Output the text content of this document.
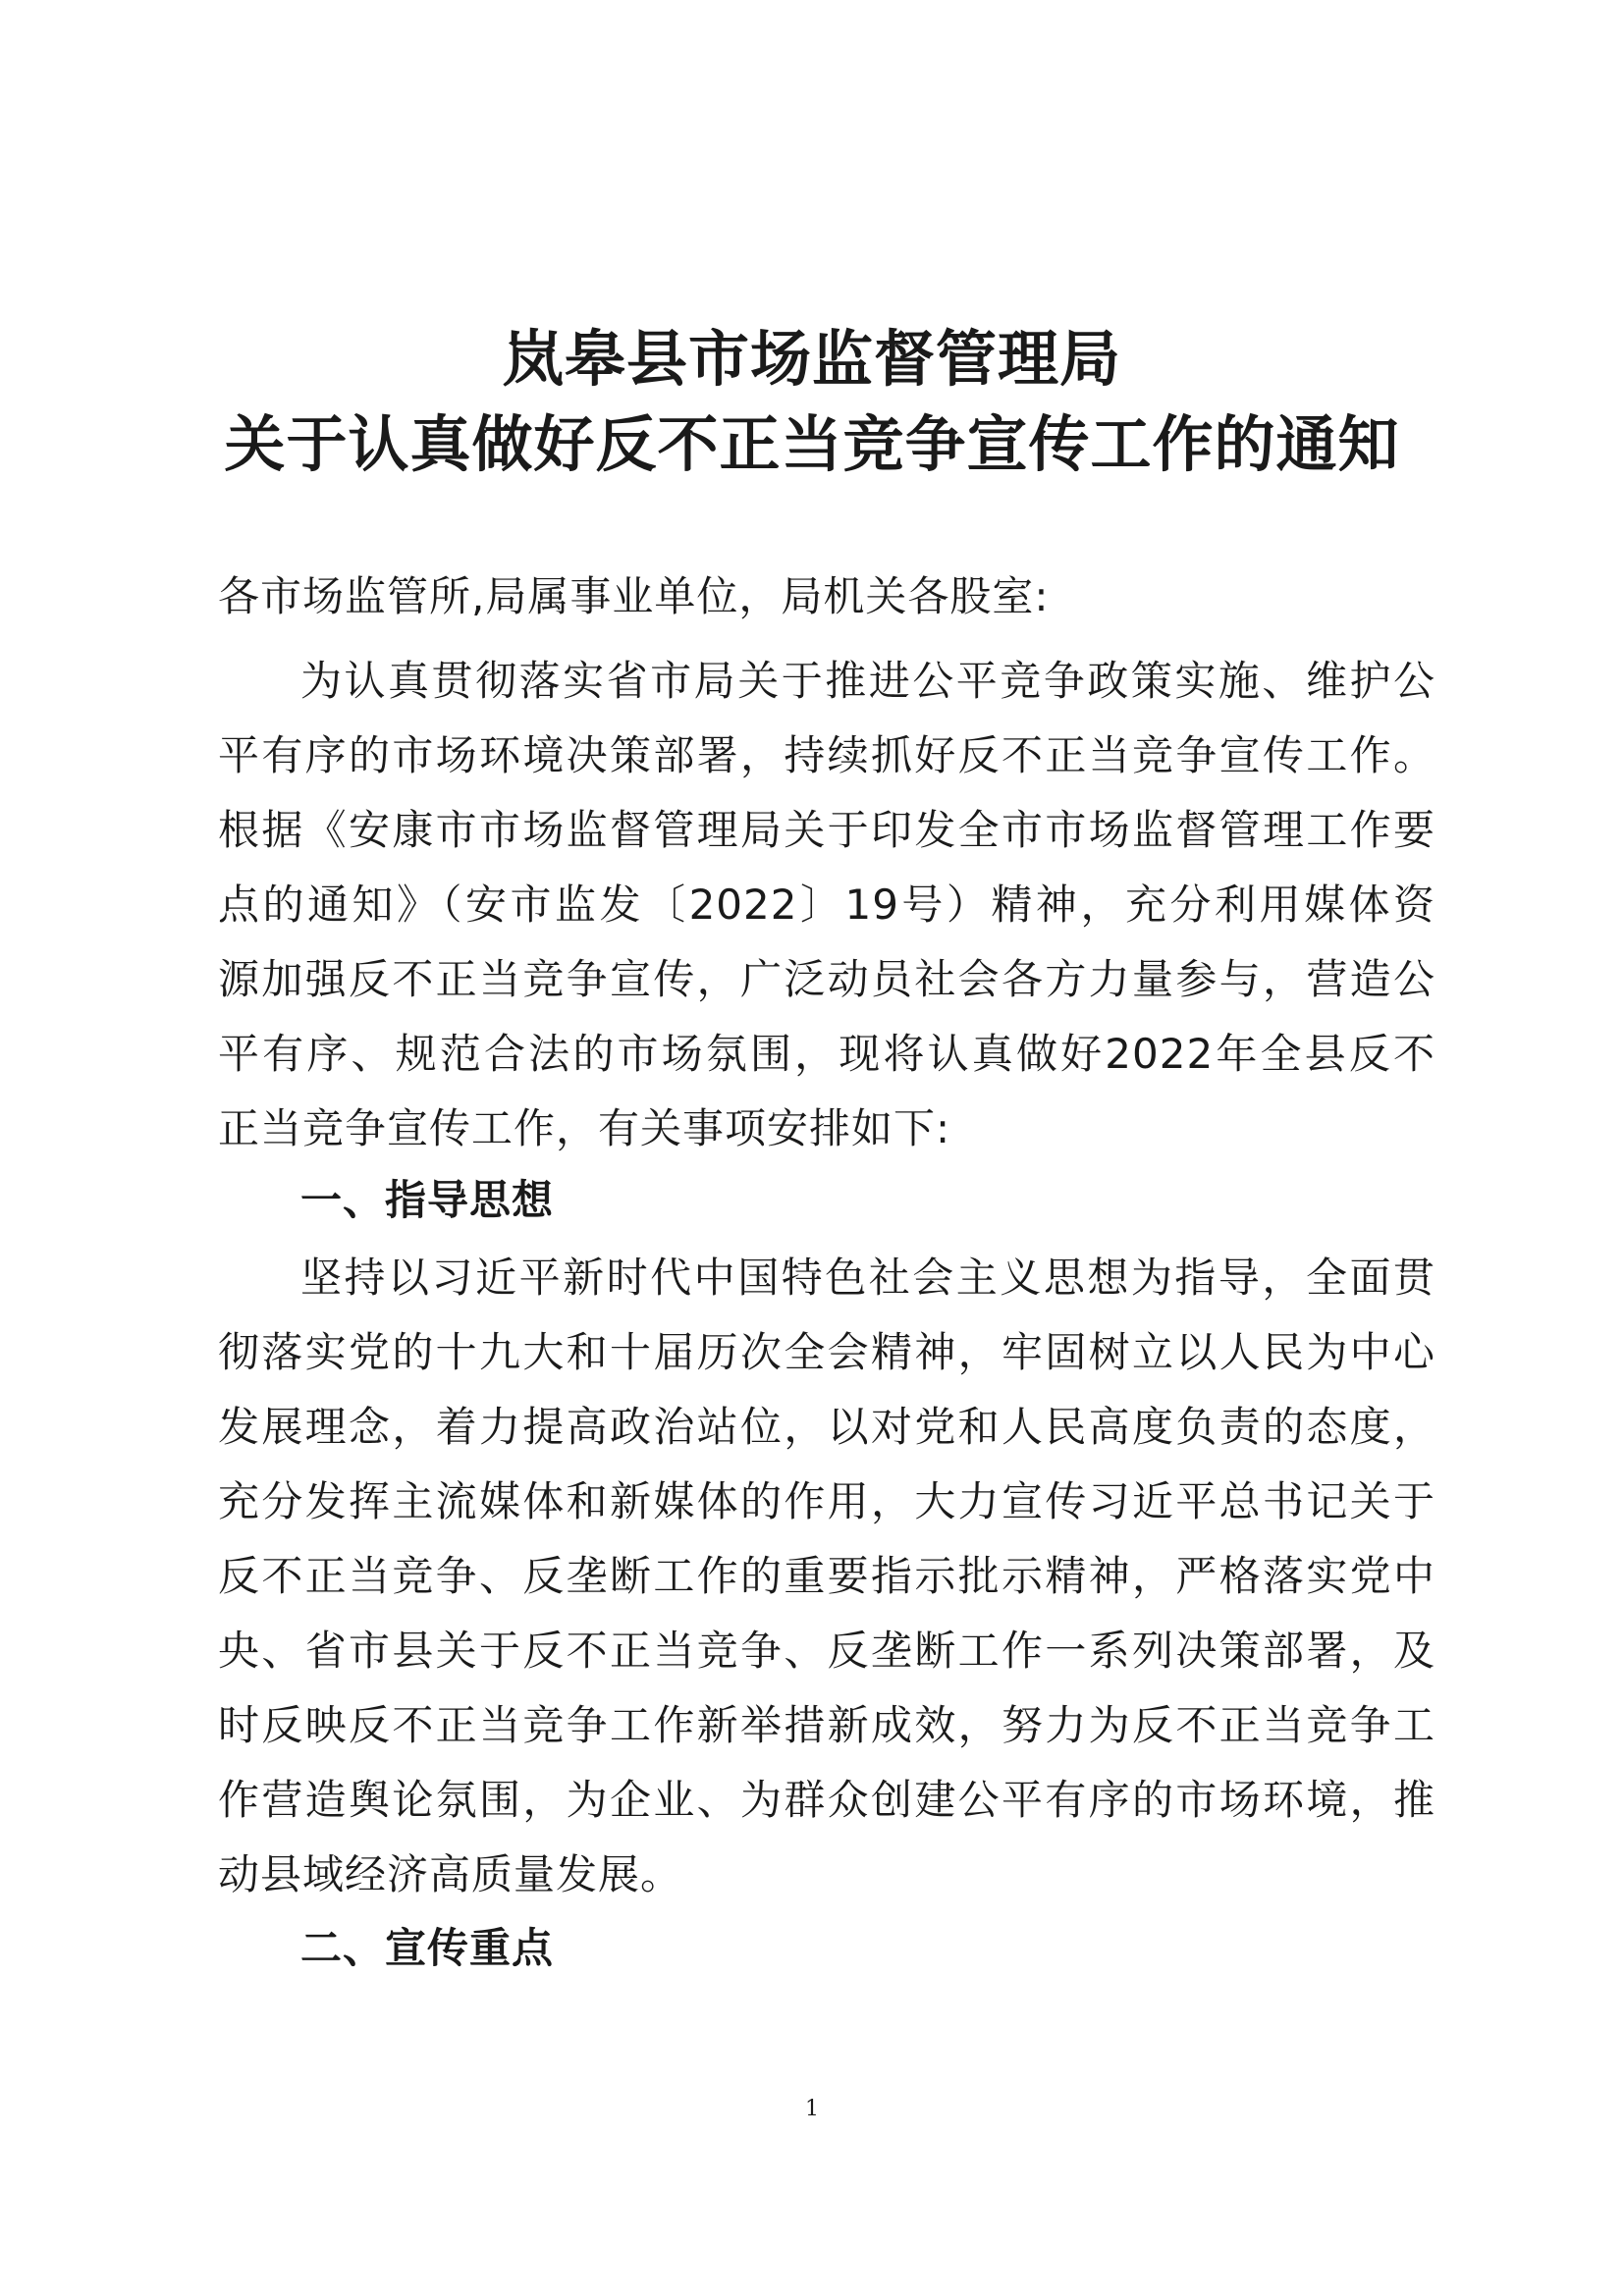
岚皋县市场监督管理局
关于认真做好反不正当竞争宣传工作的通知
各市场监管所,局属事业单位，局机关各股室:
为认真贯彻落实省市局关于推进公平竞争政策实施、维护公
平有序的市场环境决策部署，持续抓好反不正当竞争宣传工作。
根据《安康市市场监督管理局关于印发全市市场监督管理工作要
点的通知》（安市监发〔2022〕19号）精神，充分利用媒体资
源加强反不正当竞争宣传，广泛动员社会各方力量参与，营造公
平有序、规范合法的市场氛围，现将认真做好2022年全县反不
正当竞争宣传工作，有关事项安排如下:
一、指导思想
坚持以习近平新时代中国特色社会主义思想为指导，全面贯
彻落实党的十九大和十届历次全会精神，牢固树立以人民为中心
发展理念，着力提高政治站位，以对党和人民高度负责的态度，
充分发挥主流媒体和新媒体的作用，大力宣传习近平总书记关于
反不正当竞争、反垄断工作的重要指示批示精神，严格落实党中
央、省市县关于反不正当竞争、反垄断工作一系列决策部署，及
时反映反不正当竞争工作新举措新成效，努力为反不正当竞争工
作营造舆论氛围，为企业、为群众创建公平有序的市场环境，推
动县域经济高质量发展。
二、宣传重点
1
